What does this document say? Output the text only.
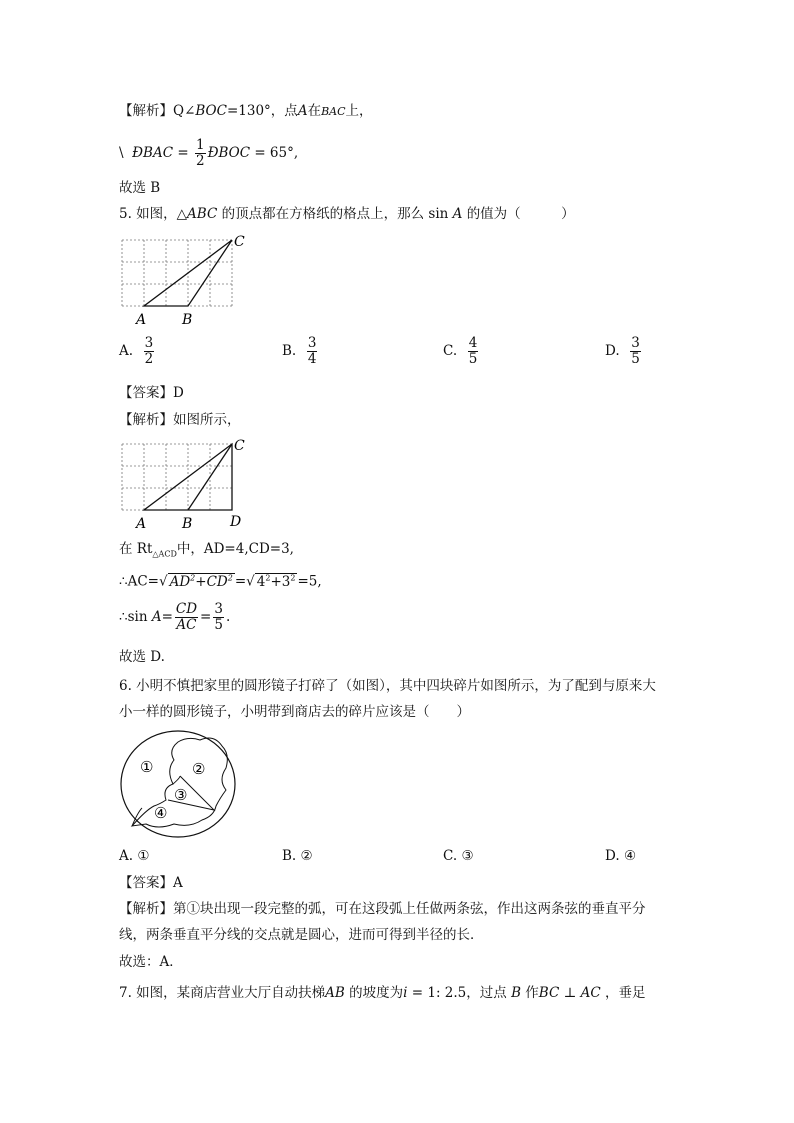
【解析】Q∠BOC=130°，点A在BAC上，
\ ÐBAC = $\frac{1}{2}$ ÐBOC = 65°,
故选 B
5. 如图，△ABC 的顶点都在方格纸的格点上，那么 sin A 的值为（　　　）
A	B
C
A. $\frac{3}{2}$	B. $\frac{3}{4}$	C. $\frac{4}{5}$	D. $\frac{3}{5}$
【答案】D
【解析】如图所示，
A	B
C
D
在 $Rt_{\triangle ACD}$中，AD=4,CD=3,
∴AC=√ $AD^2+CD^2$ =√ $4^2+3^2 =5$,
∴sin $A= \frac{CD}{AC} = \frac{3}{5}$ .
故选 D.
6. 小明不慎把家里的圆形镜子打碎了（如图），其中四块碎片如图所示，为了配到与原来大
小一样的圆形镜子，小明带到商店去的碎片应该是（　　）
①	②
③
④
A. ①	B. ②	C. ③	D. ④
【答案】A
【解析】第①块出现一段完整的弧，可在这段弧上任做两条弦，作出这两条弦的垂直平分
线，两条垂直平分线的交点就是圆心，进而可得到半径的长．
故选：A．
7. 如图，某商店营业大厅自动扶梯AB 的坡度为i = 1: 2.5，过点 B 作BC ⊥ AC ，垂足
